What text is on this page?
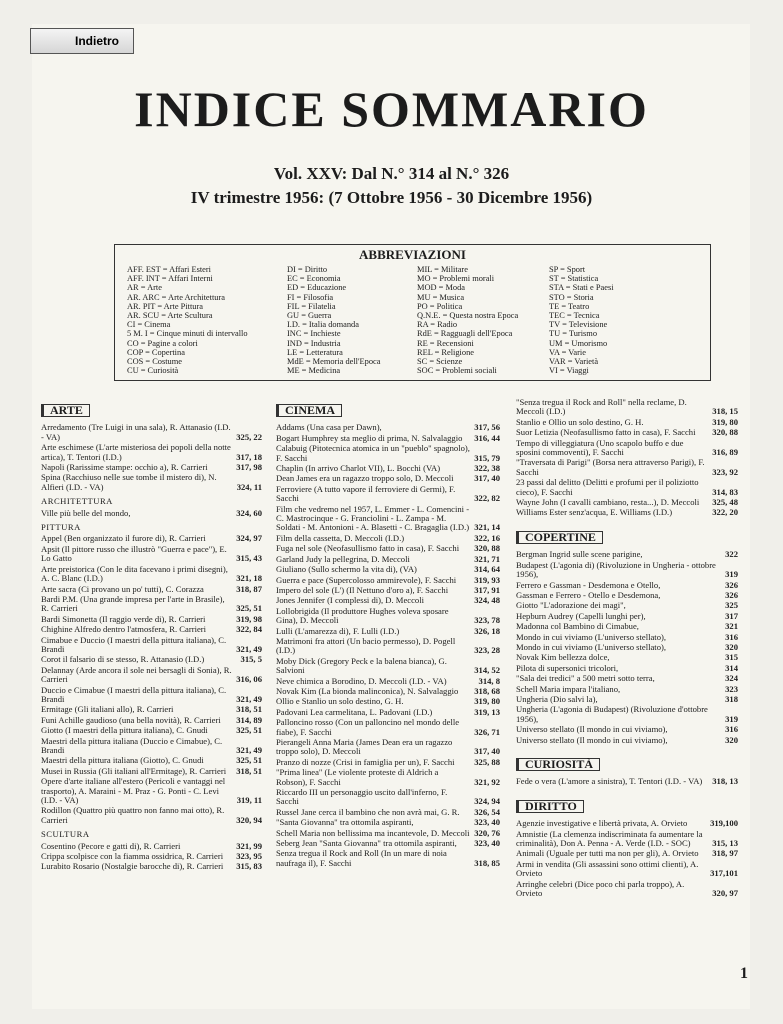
Indietro
INDICE SOMMARIO
Vol. XXV: Dal N.° 314 al N.° 326
IV trimestre 1956: (7 Ottobre 1956 - 30 Dicembre 1956)
ABBREVIAZIONI
AFF. EST = Affari Esteri
AFF. INT = Affari Interni
AR = Arte
AR. ARC = Arte Architettura
AR. PIT = Arte Pittura
AR. SCU = Arte Scultura
CI = Cinema
5 M. I = Cinque minuti di intervallo
CO = Pagine a colori
COP = Copertina
COS = Costume
CU = Curiosità
DI = Diritto
EC = Economia
ED = Educazione
FI = Filosofia
FIL = Filatelia
GU = Guerra
I.D. = Italia domanda
INC = Inchieste
IND = Industria
LE = Letteratura
MdE = Memoria dell'Epoca
ME = Medicina
MIL = Militare
MO = Problemi morali
MOD = Moda
MU = Musica
PO = Politica
Q.N.E. = Questa nostra Epoca
RA = Radio
RdE = Ragguagli dell'Epoca
RE = Recensioni
REL = Religione
SC = Scienze
SOC = Problemi sociali
SP = Sport
ST = Statistica
STA = Stati e Paesi
STO = Storia
TE = Teatro
TEC = Tecnica
TV = Televisione
TU = Turismo
UM = Umorismo
VA = Varie
VAR = Varietà
VI = Viaggi
ARTE
Arredamento (Tre Luigi in una sala), R. Attanasio (I.D. - VA)	325, 22
Arte eschimese (L'arte misteriosa dei popoli della notte artica), T. Tentori (I.D.)	317, 18
Napoli (Rarissime stampe: occhio a), R. Carrieri	317, 98
Spina (Racchiuso nelle sue tombe il mistero di), N. Alfieri (I.D. - VA)	324, 11
ARCHITETTURA
Ville più belle del mondo,	324, 60
PITTURA
Appel (Ben organizzato il furore di), R. Carrieri	324, 97
Apsit (Il pittore russo che illustrò "Guerra e pace"), E. Lo Gatto	315, 43
Arte preistorica (Con le dita facevano i primi disegni), A. C. Blanc (I.D.)	321, 18
Arte sacra (Ci provano un po' tutti), C. Corazza	318, 87
Bardi P.M. (Una grande impresa per l'arte in Brasile), R. Carrieri	325, 51
Bardi Simonetta (Il raggio verde di), R. Carrieri	319, 98
Chighine Alfredo dentro l'atmosfera, R. Carrieri	322, 84
Cimabue e Duccio (I maestri della pittura italiana), C. Brandi	321, 49
Corot il falsario di se stesso, R. Attanasio (I.D.)	315, 5
Delannay (Arde ancora il sole nei bersagli di Sonia), R. Carrieri	316, 06
Duccio e Cimabue (I maestri della pittura italiana), C. Brandi	321, 49
Ermitage (Gli italiani allo), R. Carrieri	318, 51
Funi Achille gaudioso (una bella novità), R. Carrieri	314, 89
Giotto (I maestri della pittura italiana), C. Gnudi	325, 51
Maestri della pittura italiana (Duccio e Cimabue), C. Brandi	321, 49
Maestri della pittura italiana (Giotto), C. Gnudi	325, 51
Musei in Russia (Gli italiani all'Ermitage), R. Carrieri	318, 51
Opere d'arte italiane all'estero (Pericoli e vantaggi nel trasporto), A. Maraini - M. Praz - G. Ponti - C. Levi (I.D. - VA)	319, 11
Rodillon (Quattro più quattro non fanno mai otto), R. Carrieri	320, 94
SCULTURA
Cosentino (Pecore e gatti di), R. Carrieri	321, 99
Crippa scolpisce con la fiamma ossidrica, R. Carrieri	323, 95
Lurabito Rosario (Nostalgie barocche di), R. Carrieri	315, 83
CINEMA
Addams (Una casa per Dawn),	317, 56
Bogart Humphrey sta meglio di prima, N. Salvalaggio	316, 44
Calabuig (Pitotecnica atomica in un "pueblo" spagnolo), F. Sacchi	315, 79
Chaplin (In arrivo Charlot VII), L. Bocchi (VA)	322, 38
Dean James era un ragazzo troppo solo, D. Meccoli	317, 40
Ferroviere (A tutto vapore il ferroviere di Germi), F. Sacchi	322, 82
Film che vedremo nel 1957, L. Emmer - L. Comencini - C. Mastrocinque - G. Franciolini - L. Zampa - M. Soldati - M. Antonioni - A. Blasetti - C. Bragaglia (I.D.) 321, 14
Film della cassetta, D. Meccoli (I.D.)	322, 16
Fuga nel sole (Neofasullismo fatto in casa), F. Sacchi	320, 88
Garland Judy la pellegrina, D. Meccoli	321, 71
Giuliano (Sullo schermo la vita di), (VA)	314, 64
Guerra e pace (Supercolosso ammirevole), F. Sacchi	319, 93
Impero del sole (L') (Il Nettuno d'oro a), F. Sacchi	317, 91
Jones Jennifer (I complessi di), D. Meccoli	324, 48
Lollobrigida (Il produttore Hughes voleva sposare Gina), D. Meccoli	323, 78
Lulli (L'amarezza di), F. Lulli (I.D.)	326, 18
Matrimoni fra attori (Un bacio permesso), D. Pogell (I.D.)	323, 28
Moby Dick (Gregory Peck e la balena bianca), G. Salvioni	314, 52
Neve chimica a Borodino, D. Meccoli (I.D. - VA)	314, 8
Novak Kim (La bionda malinconica), N. Salvalaggio	318, 68
Ollio e Stanlio un solo destino, G. H.	319, 80
Padovani Lea carmelitana, L. Padovani (I.D.)	319, 13
Palloncino rosso (Con un palloncino nel mondo delle fiabe), F. Sacchi	326, 71
Pierangeli Anna Maria (James Dean era un ragazzo troppo solo), D. Meccoli	317, 40
Pranzo di nozze (Crisi in famiglia per un), F. Sacchi	325, 88
"Prima linea" (Le violente proteste di Aldrich a Robson), F. Sacchi	321, 92
Riccardo III un personaggio uscito dall'inferno, F. Sacchi	324, 94
Russel Jane cerca il bambino che non avrà mai, G. R.	326, 54
"Santa Giovanna" tra ottomila aspiranti,	323, 40
Schell Maria non bellissima ma incantevole, D. Meccoli 320, 76
Seberg Jean "Santa Giovanna" tra ottomila aspiranti,	323, 40
Senza tregua il Rock and Roll (In un mare di noia naufraga il), F. Sacchi	318, 85
"Senza tregua il Rock and Roll" nella reclame, D. Meccoli (I.D.)	318, 15
Stanlio e Ollio un solo destino, G. H.	319, 80
Suor Letizia (Neofasullismo fatto in casa), F. Sacchi	320, 88
Tempo di villeggiatura (Uno scapolo buffo e due sposini commoventi), F. Sacchi	316, 89
"Traversata di Parigi" (Borsa nera attraverso Parigi), F. Sacchi	323, 92
23 passi dal delitto (Delitti e profumi per il poliziotto cieco), F. Sacchi	314, 83
Wayne John (I cavalli cambiano, resta...), D. Meccoli	325, 48
Williams Ester senz'acqua, E. Williams (I.D.)	322, 20
COPERTINE
Bergman Ingrid sulle scene parigine,	322
Budapest (L'agonia di) (Rivoluzione in Ungheria - ottobre 1956),	319
Ferrero e Gassman - Desdemona e Otello,	326
Gassman e Ferrero - Otello e Desdemona,	326
Giotto "L'adorazione dei magi",	325
Hepburn Audrey (Capelli lunghi per),	317
Madonna col Bambino di Cimabue,	321
Mondo in cui viviamo (L'universo stellato),	316
Mondo in cui viviamo (L'universo stellato),	320
Novak Kim bellezza dolce,	315
Pilota di supersonici tricolori,	314
"Sala dei tredici" a 500 metri sotto terra,	324
Schell Maria impara l'italiano,	323
Ungheria (Dio salvi la),	318
Ungheria (L'agonia di Budapest) (Rivoluzione d'ottobre 1956),	319
Universo stellato (Il mondo in cui viviamo),	316
Universo stellato (Il mondo in cui viviamo),	320
CURIOSITÀ
Fede o vera (L'amore a sinistra), T. Tentori (I.D. - VA)	318, 13
DIRITTO
Agenzie investigative e libertà privata, A. Orvieto	319,100
Amnistie (La clemenza indiscriminata fa aumentare la criminalità), Don A. Penna - A. Verde (I.D. - SOC)	315, 13
Animali (Uguale per tutti ma non per gli), A. Orvieto	318, 97
Armi in vendita (Gli assassini sono ottimi clienti), A. Orvieto	317,101
Arringhe celebri (Dice poco chi parla troppo), A. Orvieto	320, 97
1
